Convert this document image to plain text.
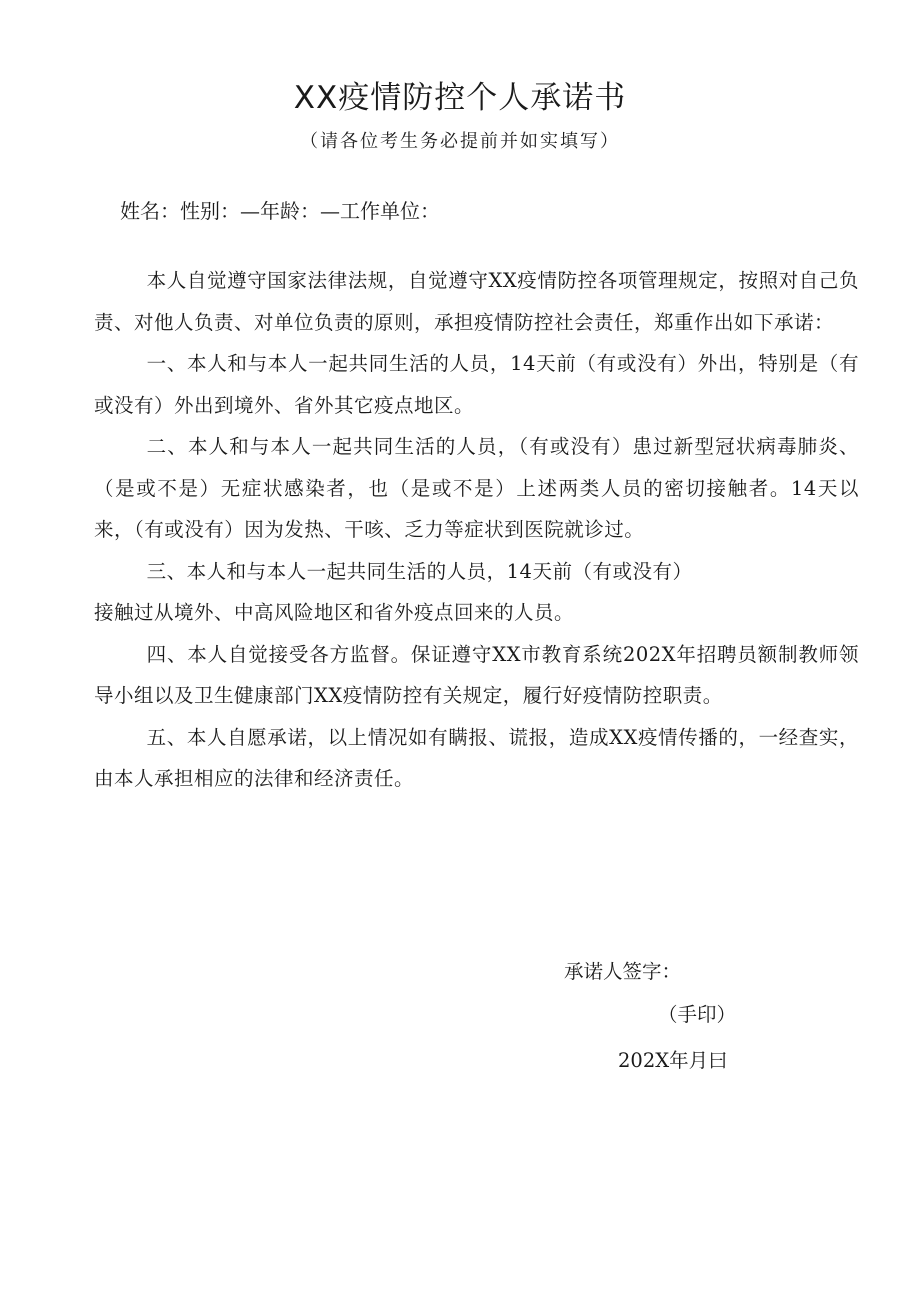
XX疫情防控个人承诺书

（请各位考生务必提前并如实填写）

姓名：性别：—年龄：—工作单位：

本人自觉遵守国家法律法规，自觉遵守XX疫情防控各项管理规定，按照对自己负责、对他人负责、对单位负责的原则，承担疫情防控社会责任，郑重作出如下承诺：

一、本人和与本人一起共同生活的人员，14天前（有或没有）外出，特别是（有或没有）外出到境外、省外其它疫点地区。

二、本人和与本人一起共同生活的人员，（有或没有）患过新型冠状病毒肺炎、（是或不是）无症状感染者，也（是或不是）上述两类人员的密切接触者。14天以来，（有或没有）因为发热、干咳、乏力等症状到医院就诊过。

三、本人和与本人一起共同生活的人员，14天前（有或没有）

接触过从境外、中高风险地区和省外疫点回来的人员。

四、本人自觉接受各方监督。保证遵守XX市教育系统202X年招聘员额制教师领导小组以及卫生健康部门XX疫情防控有关规定，履行好疫情防控职责。

五、本人自愿承诺，以上情况如有瞒报、谎报，造成XX疫情传播的，一经查实，由本人承担相应的法律和经济责任。

承诺人签字：

（手印）

202X年月曰
